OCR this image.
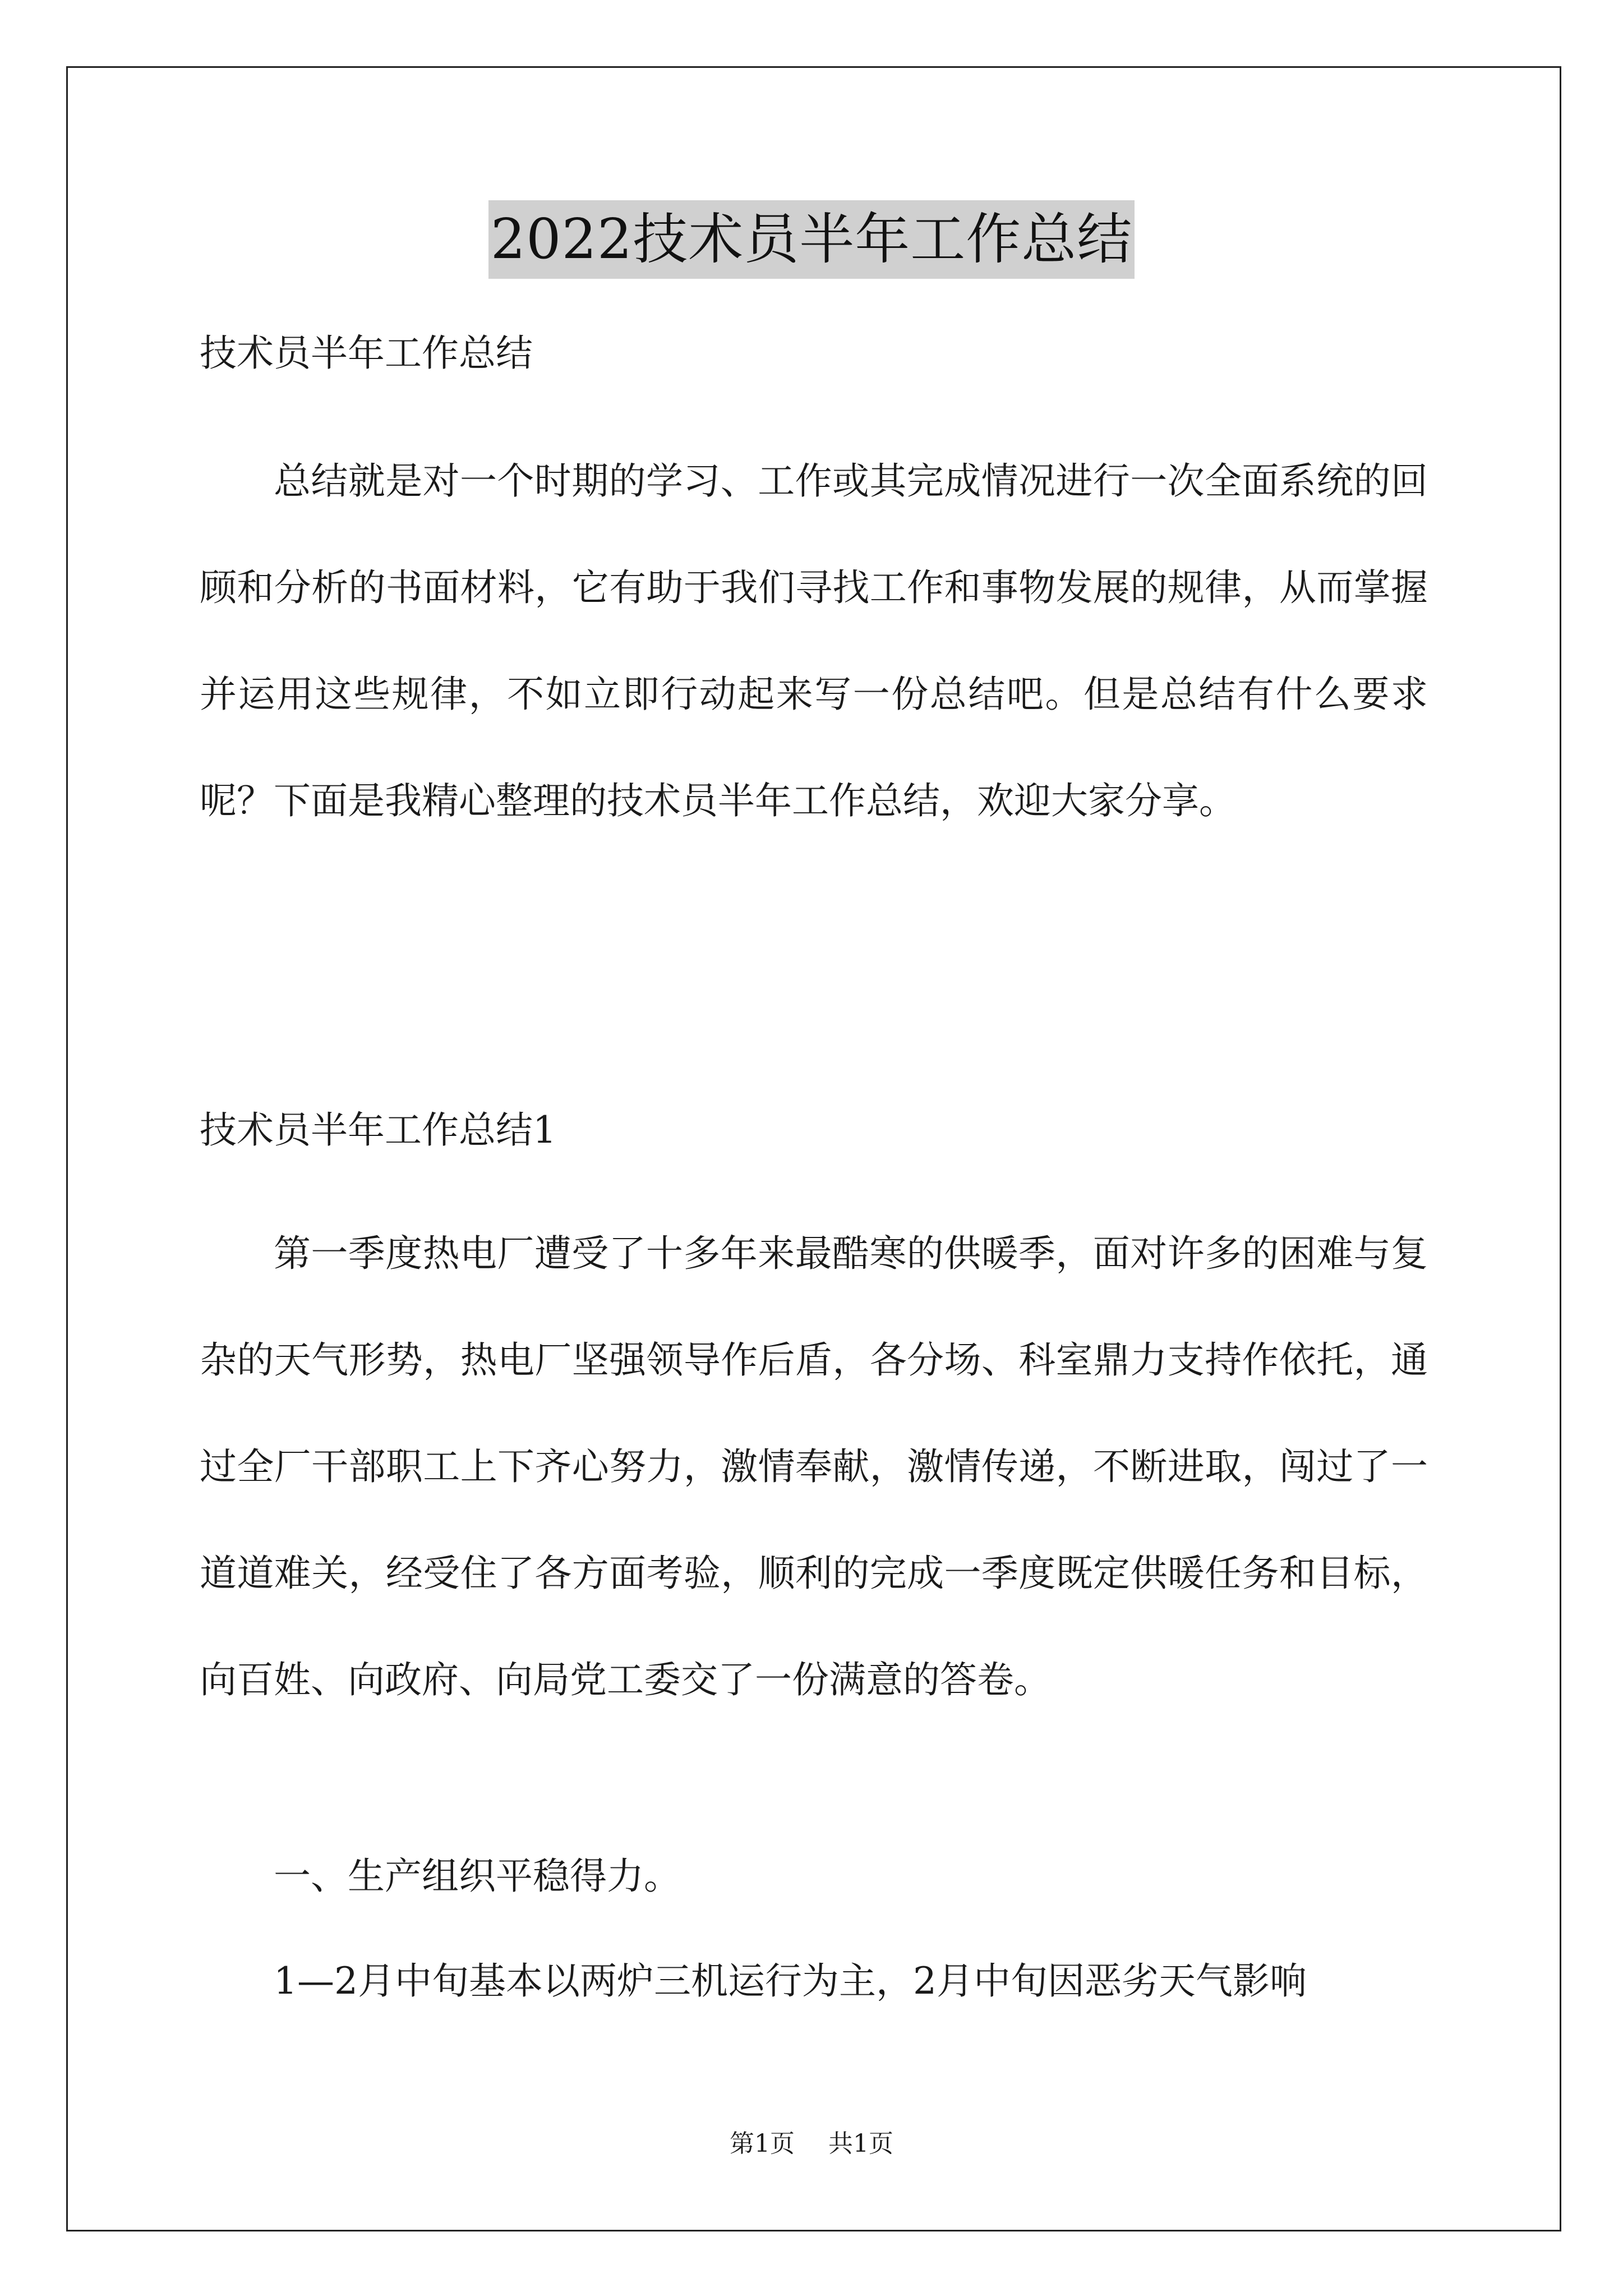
2022技术员半年工作总结
技术员半年工作总结
总结就是对一个时期的学习、工作或其完成情况进行一次全面系统的回顾和分析的书面材料，它有助于我们寻找工作和事物发展的规律，从而掌握并运用这些规律，不如立即行动起来写一份总结吧。但是总结有什么要求呢？下面是我精心整理的技术员半年工作总结，欢迎大家分享。
技术员半年工作总结1
第一季度热电厂遭受了十多年来最酷寒的供暖季，面对许多的困难与复杂的天气形势，热电厂坚强领导作后盾，各分场、科室鼎力支持作依托，通过全厂干部职工上下齐心努力，激情奉献，激情传递，不断进取，闯过了一道道难关，经受住了各方面考验，顺利的完成一季度既定供暖任务和目标，向百姓、向政府、向局党工委交了一份满意的答卷。
一、生产组织平稳得力。
1—2月中旬基本以两炉三机运行为主，2月中旬因恶劣天气影响
第1页 共1页
